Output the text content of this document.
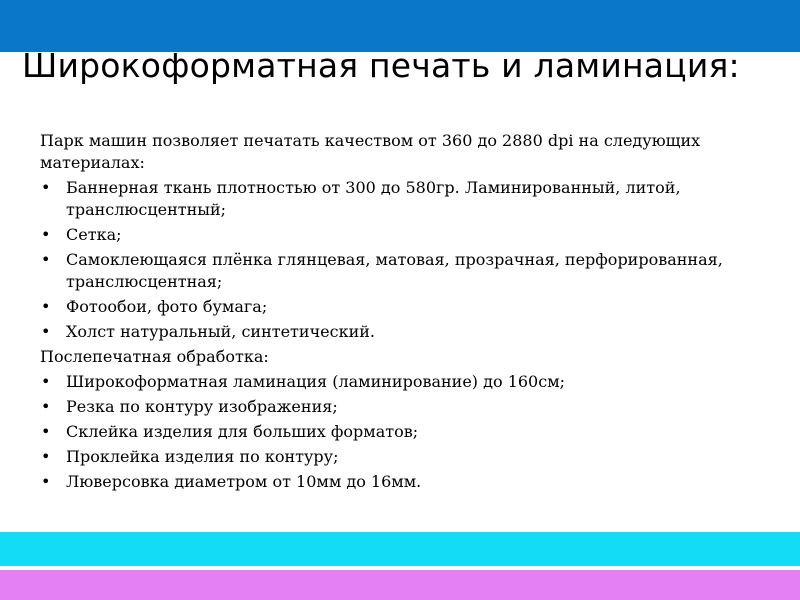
Широкоформатная печать и ламинация:

Парк машин позволяет печатать качеством от 360 до 2880 dpi на следующих материалах:

• Баннерная ткань плотностью от 300 до 580гр. Ламинированный, литой, транслюсцентный;
• Сетка;
• Самоклеющаяся плёнка глянцевая, матовая, прозрачная, перфорированная, транслюсцентная;
• Фотообои, фото бумага;
• Холст натуральный, синтетический.

Послепечатная обработка:

• Широкоформатная ламинация (ламинирование) до 160см;
• Резка по контуру изображения;
• Склейка изделия для больших форматов;
• Проклейка изделия по контуру;
• Люверсовка диаметром от 10мм до 16мм.
